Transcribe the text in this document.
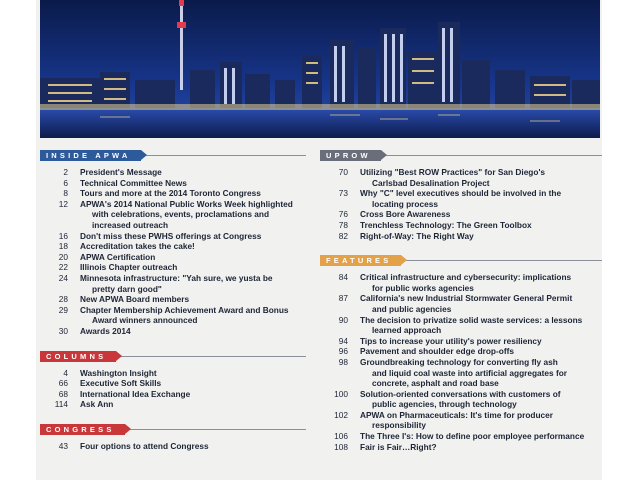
INSIDE APWA
2	President's Message
6	Technical Committee News
8	Tours and more at the 2014 Toronto Congress
12	APWA's 2014 National Public Works Week highlighted
with celebrations, events, proclamations and
increased outreach
16	Don't miss these PWHS offerings at Congress
18	Accreditation takes the cake!
20	APWA Certification
22	Illinois Chapter outreach
24	Minnesota infrastructure: "Yah sure, we yusta be
pretty darn good"
28	New APWA Board members
29	Chapter Membership Achievement Award and Bonus
Award winners announced
30	Awards 2014
COLUMNS
4	Washington Insight
66	Executive Soft Skills
68	International Idea Exchange
114	Ask Ann
CONGRESS
43	Four options to attend Congress
UPROW
70	Utilizing "Best ROW Practices" for San Diego's
Carlsbad Desalination Project
73	Why "C" level executives should be involved in the
locating process
76	Cross Bore Awareness
78	Trenchless Technology: The Green Toolbox
82	Right-of-Way: The Right Way
FEATURES
84	Critical infrastructure and cybersecurity: implications
for public works agencies
87	California's new Industrial Stormwater General Permit
and public agencies
90	The decision to privatize solid waste services: a lessons
learned approach
94	Tips to increase your utility's power resiliency
96	Pavement and shoulder edge drop-offs
98	Groundbreaking technology for converting fly ash
and liquid coal waste into artificial aggregates for
concrete, asphalt and road base
100	Solution-oriented conversations with customers of
public agencies, through technology
102	APWA on Pharmaceuticals: It's time for producer
responsibility
106	The Three I's: How to define poor employee performance
108	Fair is Fair…Right?
